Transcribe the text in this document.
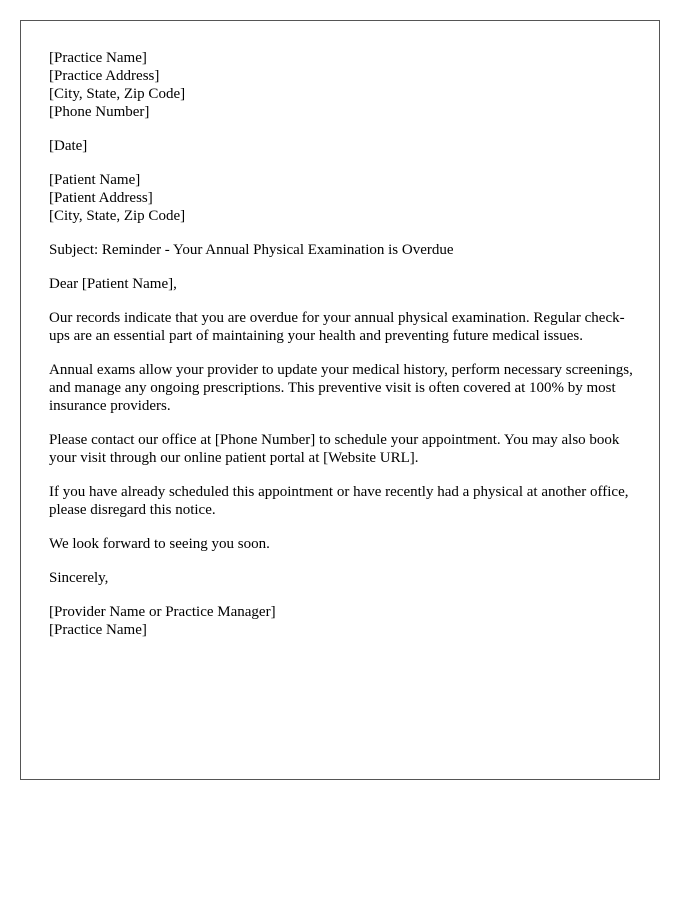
[Practice Name]
[Practice Address]
[City, State, Zip Code]
[Phone Number]
[Date]
[Patient Name]
[Patient Address]
[City, State, Zip Code]
Subject: Reminder - Your Annual Physical Examination is Overdue
Dear [Patient Name],

Our records indicate that you are overdue for your annual physical examination. Regular check-ups are an essential part of maintaining your health and preventing future medical issues.

Annual exams allow your provider to update your medical history, perform necessary screenings, and manage any ongoing prescriptions. This preventive visit is often covered at 100% by most insurance providers.

Please contact our office at [Phone Number] to schedule your appointment. You may also book your visit through our online patient portal at [Website URL].

If you have already scheduled this appointment or have recently had a physical at another office, please disregard this notice.

We look forward to seeing you soon.

Sincerely,
[Provider Name or Practice Manager]
[Practice Name]
